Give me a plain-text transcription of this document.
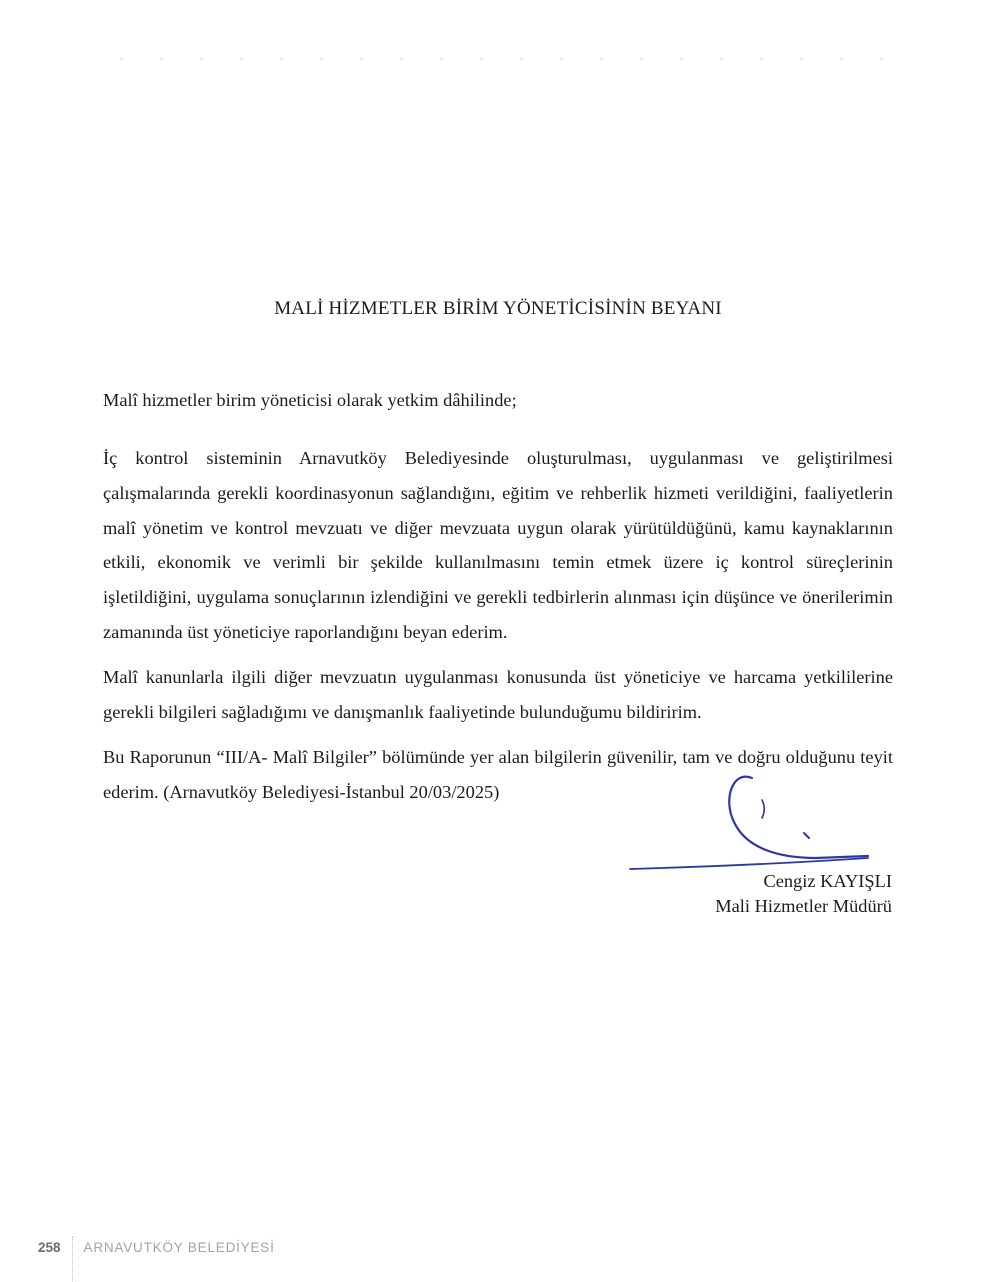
MALİ HİZMETLER BİRİM YÖNETİCİSİNİN BEYANI
Malî hizmetler birim yöneticisi olarak yetkim dâhilinde;
İç kontrol sisteminin Arnavutköy Belediyesinde oluşturulması, uygulanması ve geliştirilmesi çalışmalarında gerekli koordinasyonun sağlandığını, eğitim ve rehberlik hizmeti verildiğini, faaliyetlerin malî yönetim ve kontrol mevzuatı ve diğer mevzuata uygun olarak yürütüldüğünü, kamu kaynaklarının etkili, ekonomik ve verimli bir şekilde kullanılmasını temin etmek üzere iç kontrol süreçlerinin işletildiğini, uygulama sonuçlarının izlendiğini ve gerekli tedbirlerin alınması için düşünce ve önerilerimin zamanında üst yöneticiye raporlandığını beyan ederim.
Malî kanunlarla ilgili diğer mevzuatın uygulanması konusunda üst yöneticiye ve harcama yetkililerine gerekli bilgileri sağladığımı ve danışmanlık faaliyetinde bulunduğumu bildiririm.
Bu Raporunun “III/A- Malî Bilgiler” bölümünde yer alan bilgilerin güvenilir, tam ve doğru olduğunu teyit ederim. (Arnavutköy Belediyesi-İstanbul 20/03/2025)
Cengiz KAYIŞLI
Mali Hizmetler Müdürü
258 ARNAVUTKÖY BELEDİYESİ
